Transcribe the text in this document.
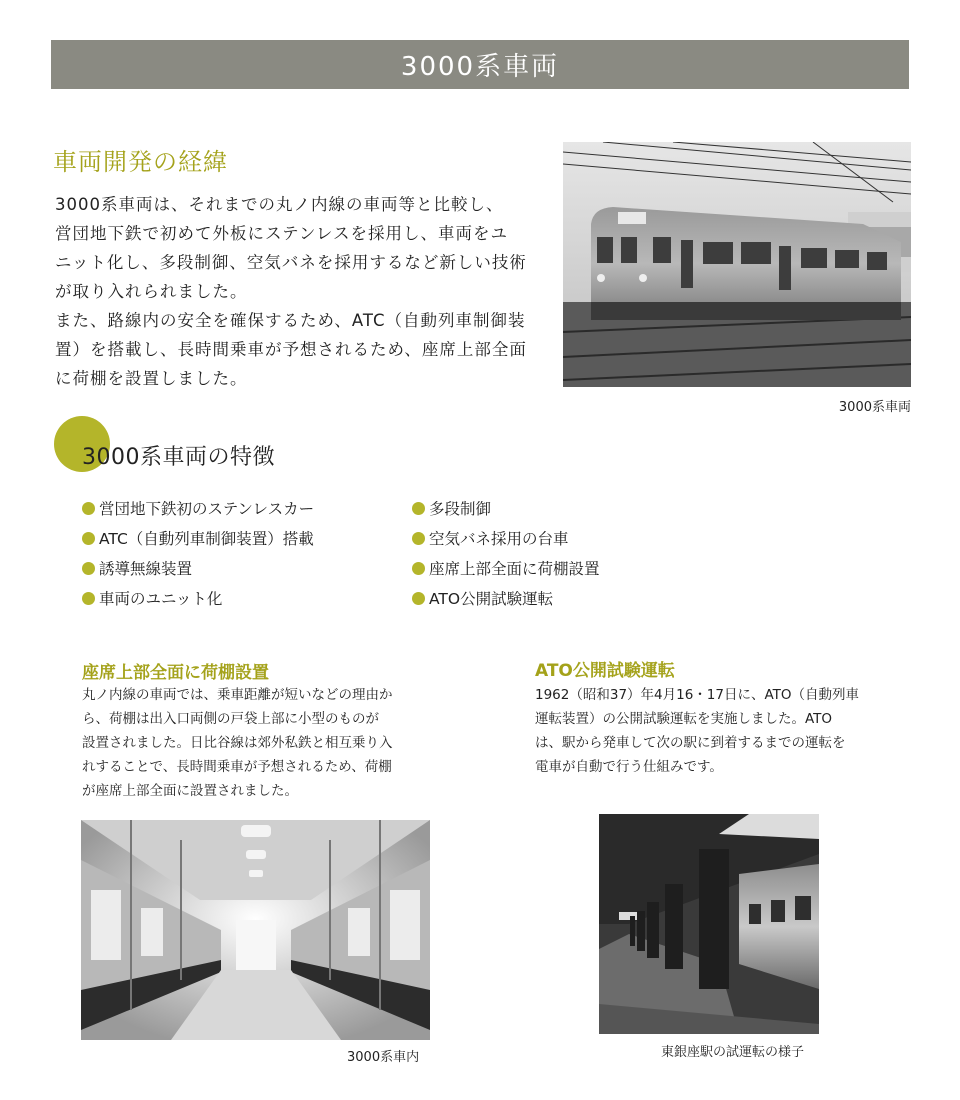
3000系車両
車両開発の経緯

3000系車両は、それまでの丸ノ内線の車両等と比較し、

営団地下鉄で初めて外板にステンレスを採用し、車両をユ

ニット化し、多段制御、空気バネを採用するなど新しい技術

が取り入れられました。

また、路線内の安全を確保するため、ATC（自動列車制御装

置）を搭載し、長時間乗車が予想されるため、座席上部全面

に荷棚を設置しました。

3000系車両
3000系車両の特徴
営団地下鉄初のステンレスカー
ATC（自動列車制御装置）搭載
誘導無線装置
車両のユニット化
多段制御
空気バネ採用の台車
座席上部全面に荷棚設置
ATO公開試験運転
座席上部全面に荷棚設置

丸ノ内線の車両では、乗車距離が短いなどの理由か

ら、荷棚は出入口両側の戸袋上部に小型のものが

設置されました。日比谷線は郊外私鉄と相互乗り入

れすることで、長時間乗車が予想されるため、荷棚

が座席上部全面に設置されました。

3000系車内
ATO公開試験運転

1962（昭和37）年4月16・17日に、ATO（自動列車

運転装置）の公開試験運転を実施しました。ATO

は、駅から発車して次の駅に到着するまでの運転を

電車が自動で行う仕組みです。

東銀座駅の試運転の様子
